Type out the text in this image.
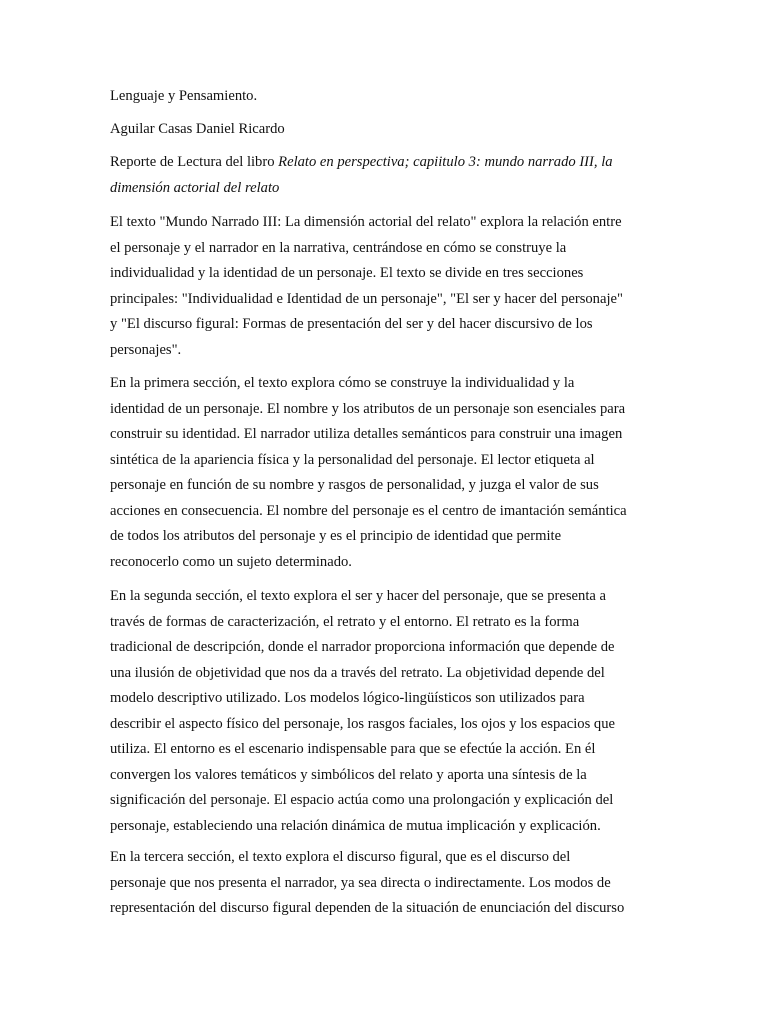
Lenguaje y Pensamiento.
Aguilar Casas Daniel Ricardo
Reporte de Lectura del libro Relato en perspectiva; capiitulo 3: mundo narrado III, la
dimensión actorial del relato
El texto "Mundo Narrado III: La dimensión actorial del relato" explora la relación entre
el personaje y el narrador en la narrativa, centrándose en cómo se construye la
individualidad y la identidad de un personaje. El texto se divide en tres secciones
principales: "Individualidad e Identidad de un personaje", "El ser y hacer del personaje"
y "El discurso figural: Formas de presentación del ser y del hacer discursivo de los
personajes".
En la primera sección, el texto explora cómo se construye la individualidad y la
identidad de un personaje. El nombre y los atributos de un personaje son esenciales para
construir su identidad. El narrador utiliza detalles semánticos para construir una imagen
sintética de la apariencia física y la personalidad del personaje. El lector etiqueta al
personaje en función de su nombre y rasgos de personalidad, y juzga el valor de sus
acciones en consecuencia. El nombre del personaje es el centro de imantación semántica
de todos los atributos del personaje y es el principio de identidad que permite
reconocerlo como un sujeto determinado.
En la segunda sección, el texto explora el ser y hacer del personaje, que se presenta a
través de formas de caracterización, el retrato y el entorno. El retrato es la forma
tradicional de descripción, donde el narrador proporciona información que depende de
una ilusión de objetividad que nos da a través del retrato. La objetividad depende del
modelo descriptivo utilizado. Los modelos lógico-lingüísticos son utilizados para
describir el aspecto físico del personaje, los rasgos faciales, los ojos y los espacios que
utiliza. El entorno es el escenario indispensable para que se efectúe la acción. En él
convergen los valores temáticos y simbólicos del relato y aporta una síntesis de la
significación del personaje. El espacio actúa como una prolongación y explicación del
personaje, estableciendo una relación dinámica de mutua implicación y explicación.
En la tercera sección, el texto explora el discurso figural, que es el discurso del
personaje que nos presenta el narrador, ya sea directa o indirectamente. Los modos de
representación del discurso figural dependen de la situación de enunciación del discurso
